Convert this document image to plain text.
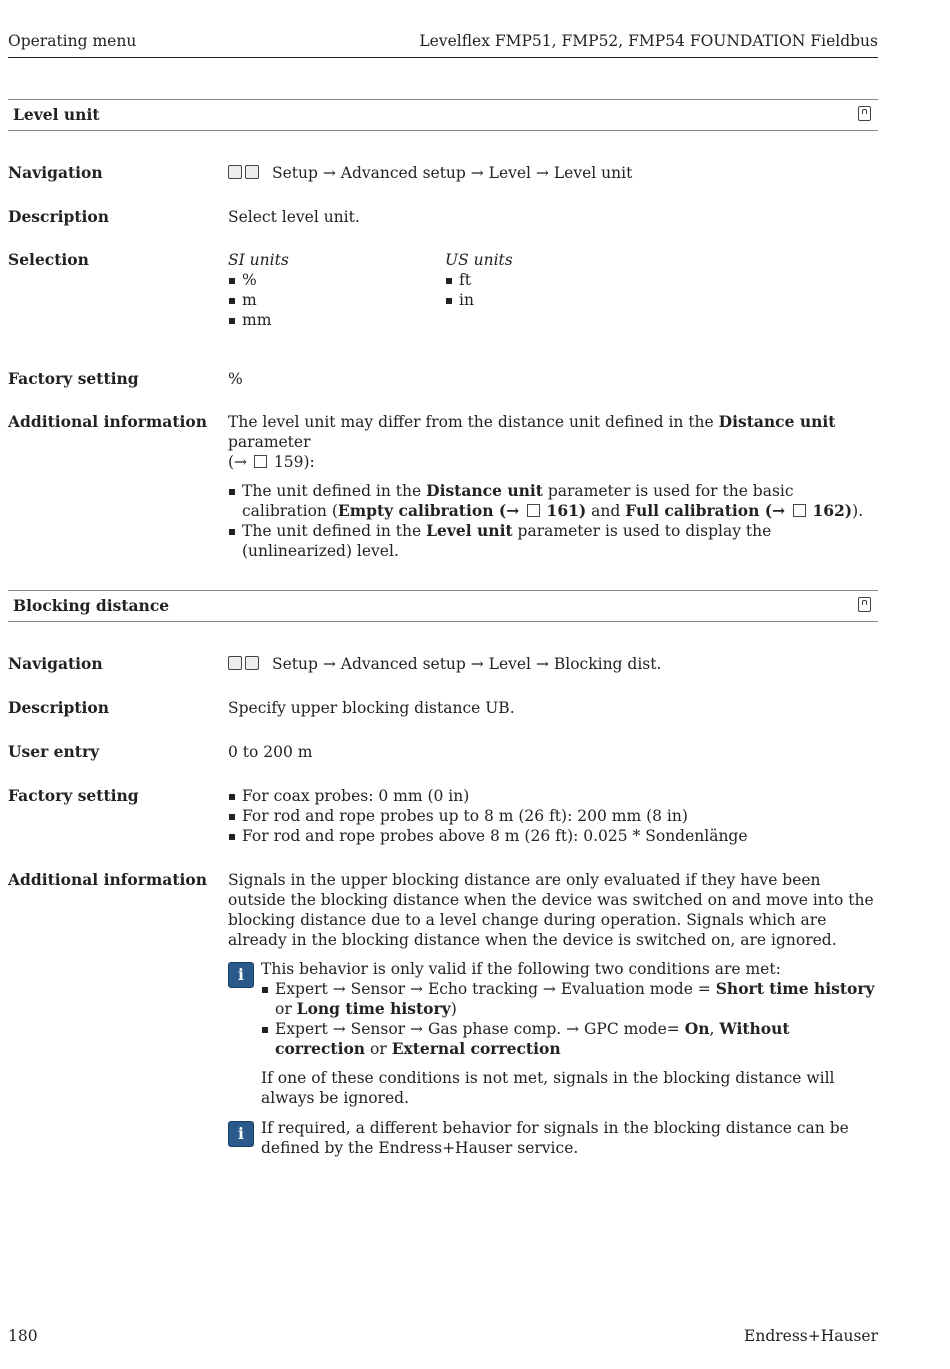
Operating menu	Levelflex FMP51, FMP52, FMP54 FOUNDATION Fieldbus
Level unit
Navigation	Setup → Advanced setup → Level → Level unit
Description	Select level unit.
Selection	SI units
%
m
mm
US units
ft
in
Factory setting	%
Additional information The level unit may differ from the distance unit defined in the Distance unit parameter
(→  159):
The unit defined in the Distance unit parameter is used for the basic calibration (Empty calibration (→  161) and Full calibration (→  162)).
The unit defined in the Level unit parameter is used to display the (unlinearized) level.
Blocking distance
Navigation	Setup → Advanced setup → Level → Blocking dist.
Description	Specify upper blocking distance UB.
User entry	0 to 200 m
Factory setting	For coax probes: 0 mm (0 in)
For rod and rope probes up to 8 m (26 ft): 200 mm (8 in)
For rod and rope probes above 8 m (26 ft): 0.025 * Sondenlänge
Additional information Signals in the upper blocking distance are only evaluated if they have been outside the blocking distance when the device was switched on and move into the blocking distance due to a level change during operation. Signals which are already in the blocking distance when the device is switched on, are ignored.
i	This behavior is only valid if the following two conditions are met:
Expert → Sensor → Echo tracking → Evaluation mode = Short time history or Long time history)
Expert → Sensor → Gas phase comp. → GPC mode= On, Without correction or External correction
If one of these conditions is not met, signals in the blocking distance will always be ignored.
i	If required, a different behavior for signals in the blocking distance can be defined by the Endress+Hauser service.
180	Endress+Hauser
